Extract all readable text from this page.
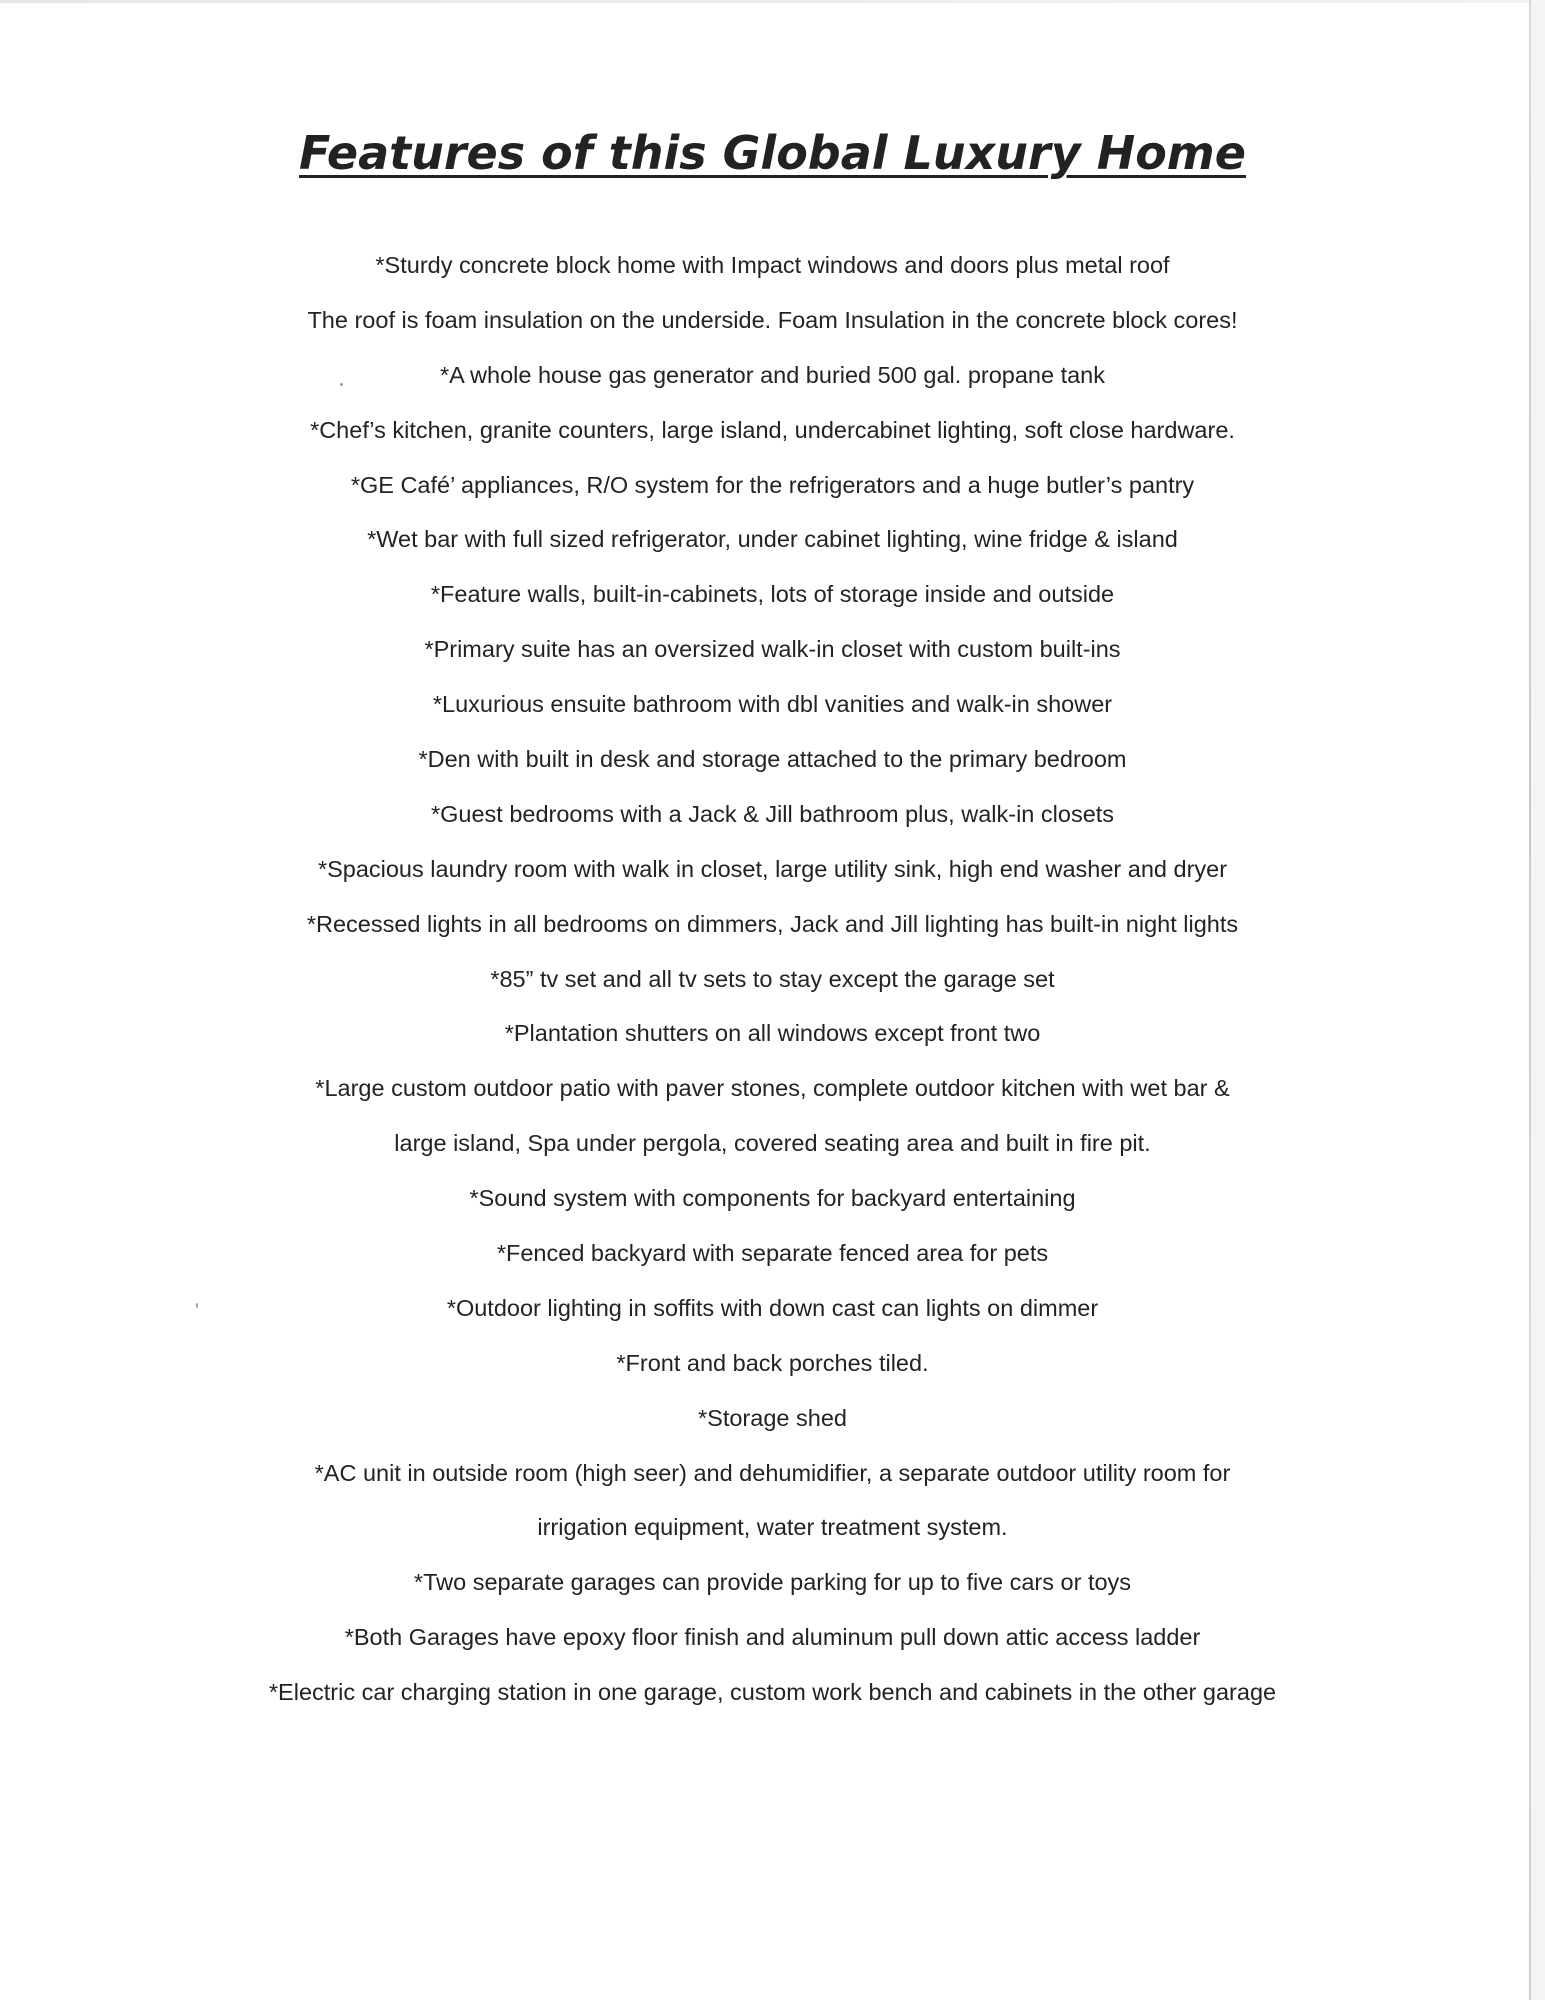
Features of this Global Luxury Home
*Sturdy concrete block home with Impact windows and doors plus metal roof
The roof is foam insulation on the underside. Foam Insulation in the concrete block cores!
*A whole house gas generator and buried 500 gal. propane tank
*Chef’s kitchen, granite counters, large island, undercabinet lighting, soft close hardware.
*GE Café’ appliances, R/O system for the refrigerators and a huge butler’s pantry
*Wet bar with full sized refrigerator, under cabinet lighting, wine fridge & island
*Feature walls, built-in-cabinets, lots of storage inside and outside
*Primary suite has an oversized walk-in closet with custom built-ins
*Luxurious ensuite bathroom with dbl vanities and walk-in shower
*Den with built in desk and storage attached to the primary bedroom
*Guest bedrooms with a Jack & Jill bathroom plus, walk-in closets
*Spacious laundry room with walk in closet, large utility sink, high end washer and dryer
*Recessed lights in all bedrooms on dimmers, Jack and Jill lighting has built-in night lights
*85” tv set and all tv sets to stay except the garage set
*Plantation shutters on all windows except front two
*Large custom outdoor patio with paver stones, complete outdoor kitchen with wet bar &
large island, Spa under pergola, covered seating area and built in fire pit.
*Sound system with components for backyard entertaining
*Fenced backyard with separate fenced area for pets
*Outdoor lighting in soffits with down cast can lights on dimmer
*Front and back porches tiled.
*Storage shed
*AC unit in outside room (high seer) and dehumidifier, a separate outdoor utility room for
irrigation equipment, water treatment system.
*Two separate garages can provide parking for up to five cars or toys
*Both Garages have epoxy floor finish and aluminum pull down attic access ladder
*Electric car charging station in one garage, custom work bench and cabinets in the other garage
